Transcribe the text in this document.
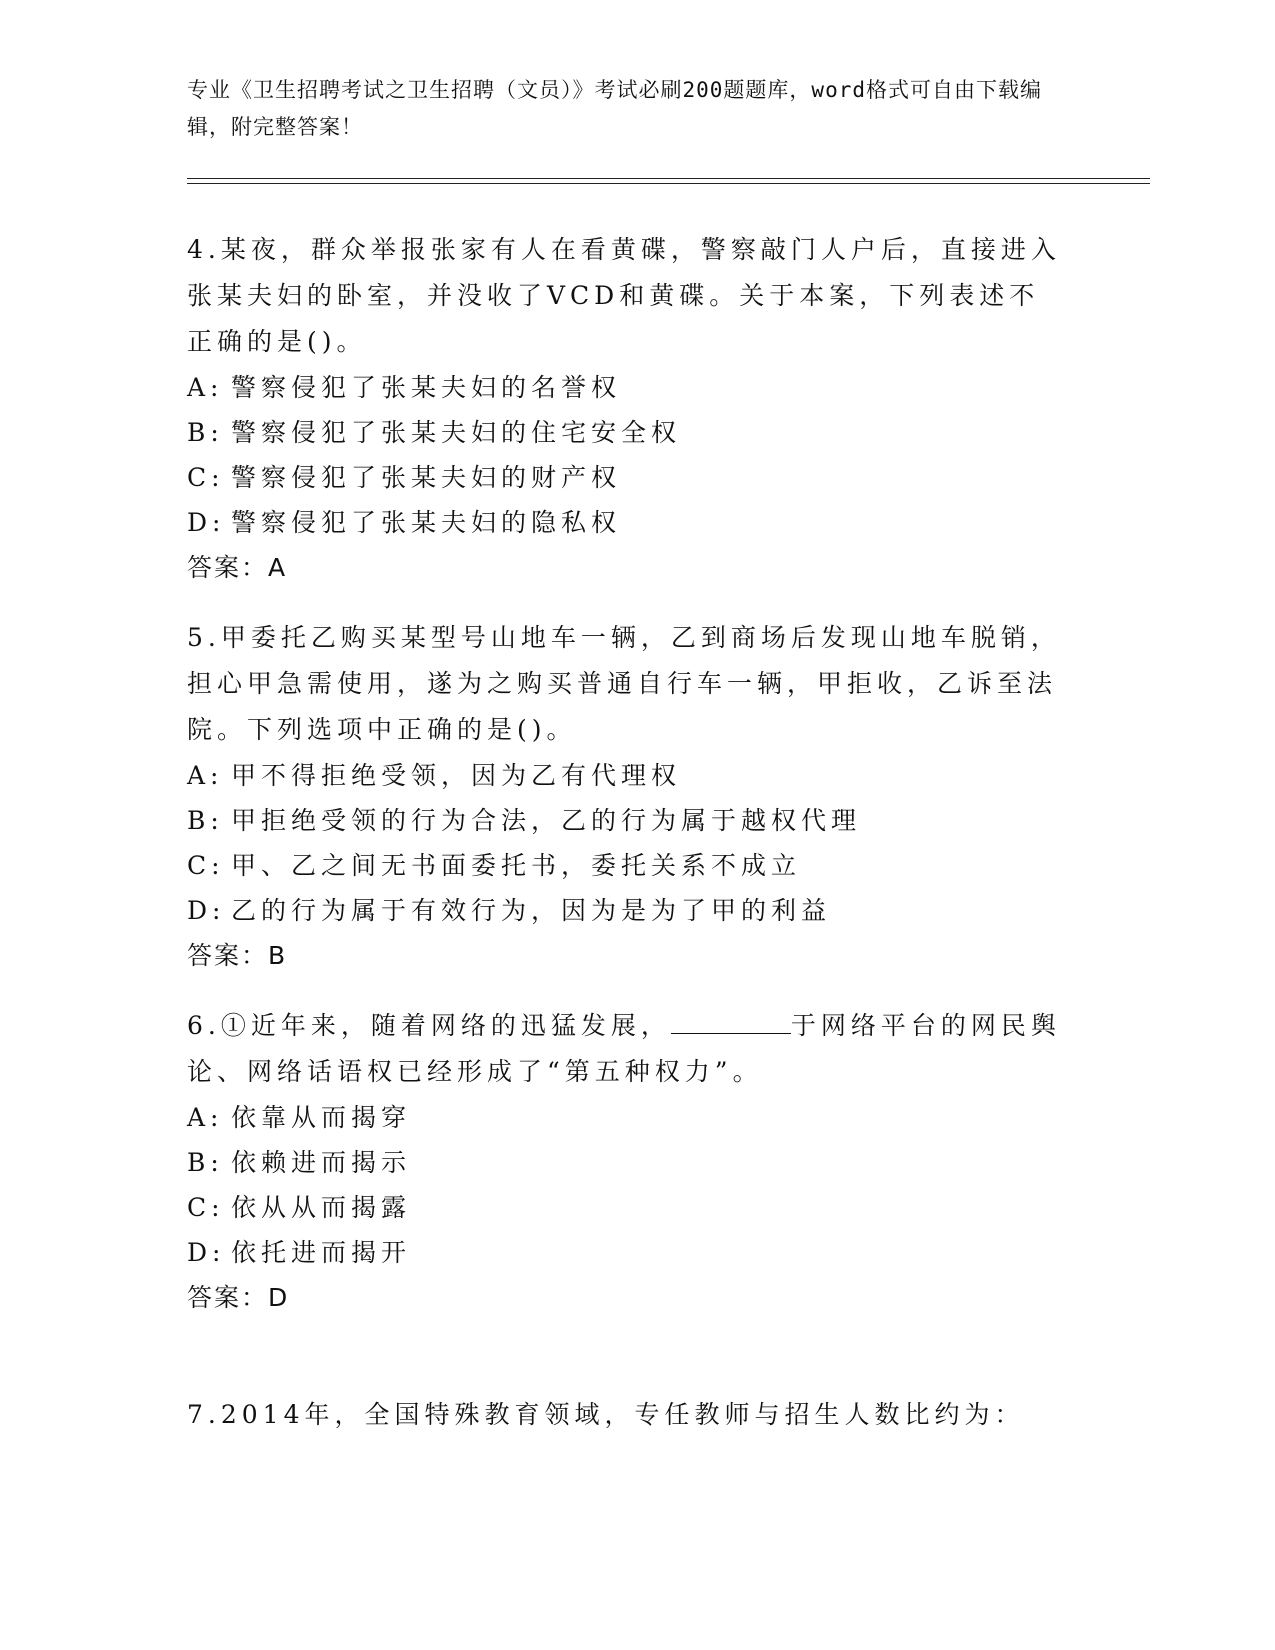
专业《卫生招聘考试之卫生招聘（文员）》考试必刷200题题库，word格式可自由下载编辑，附完整答案！

4.某夜，群众举报张家有人在看黄碟，警察敲门人户后，直接进入张某夫妇的卧室，并没收了VCD和黄碟。关于本案，下列表述不正确的是()。

A: 警察侵犯了张某夫妇的名誉权

B: 警察侵犯了张某夫妇的住宅安全权

C: 警察侵犯了张某夫妇的财产权

D: 警察侵犯了张某夫妇的隐私权

答案：A

5.甲委托乙购买某型号山地车一辆，乙到商场后发现山地车脱销，担心甲急需使用，遂为之购买普通自行车一辆，甲拒收，乙诉至法院。下列选项中正确的是()。

A: 甲不得拒绝受领，因为乙有代理权

B: 甲拒绝受领的行为合法，乙的行为属于越权代理

C: 甲、乙之间无书面委托书，委托关系不成立

D: 乙的行为属于有效行为，因为是为了甲的利益

答案：B

6.①近年来，随着网络的迅猛发展，	于网络平台的网民舆论、网络话语权已经形成了“第五种权力”。

A: 依靠从而揭穿

B: 依赖进而揭示

C: 依从从而揭露

D: 依托进而揭开

答案：D

7.2014年，全国特殊教育领域，专任教师与招生人数比约为：
